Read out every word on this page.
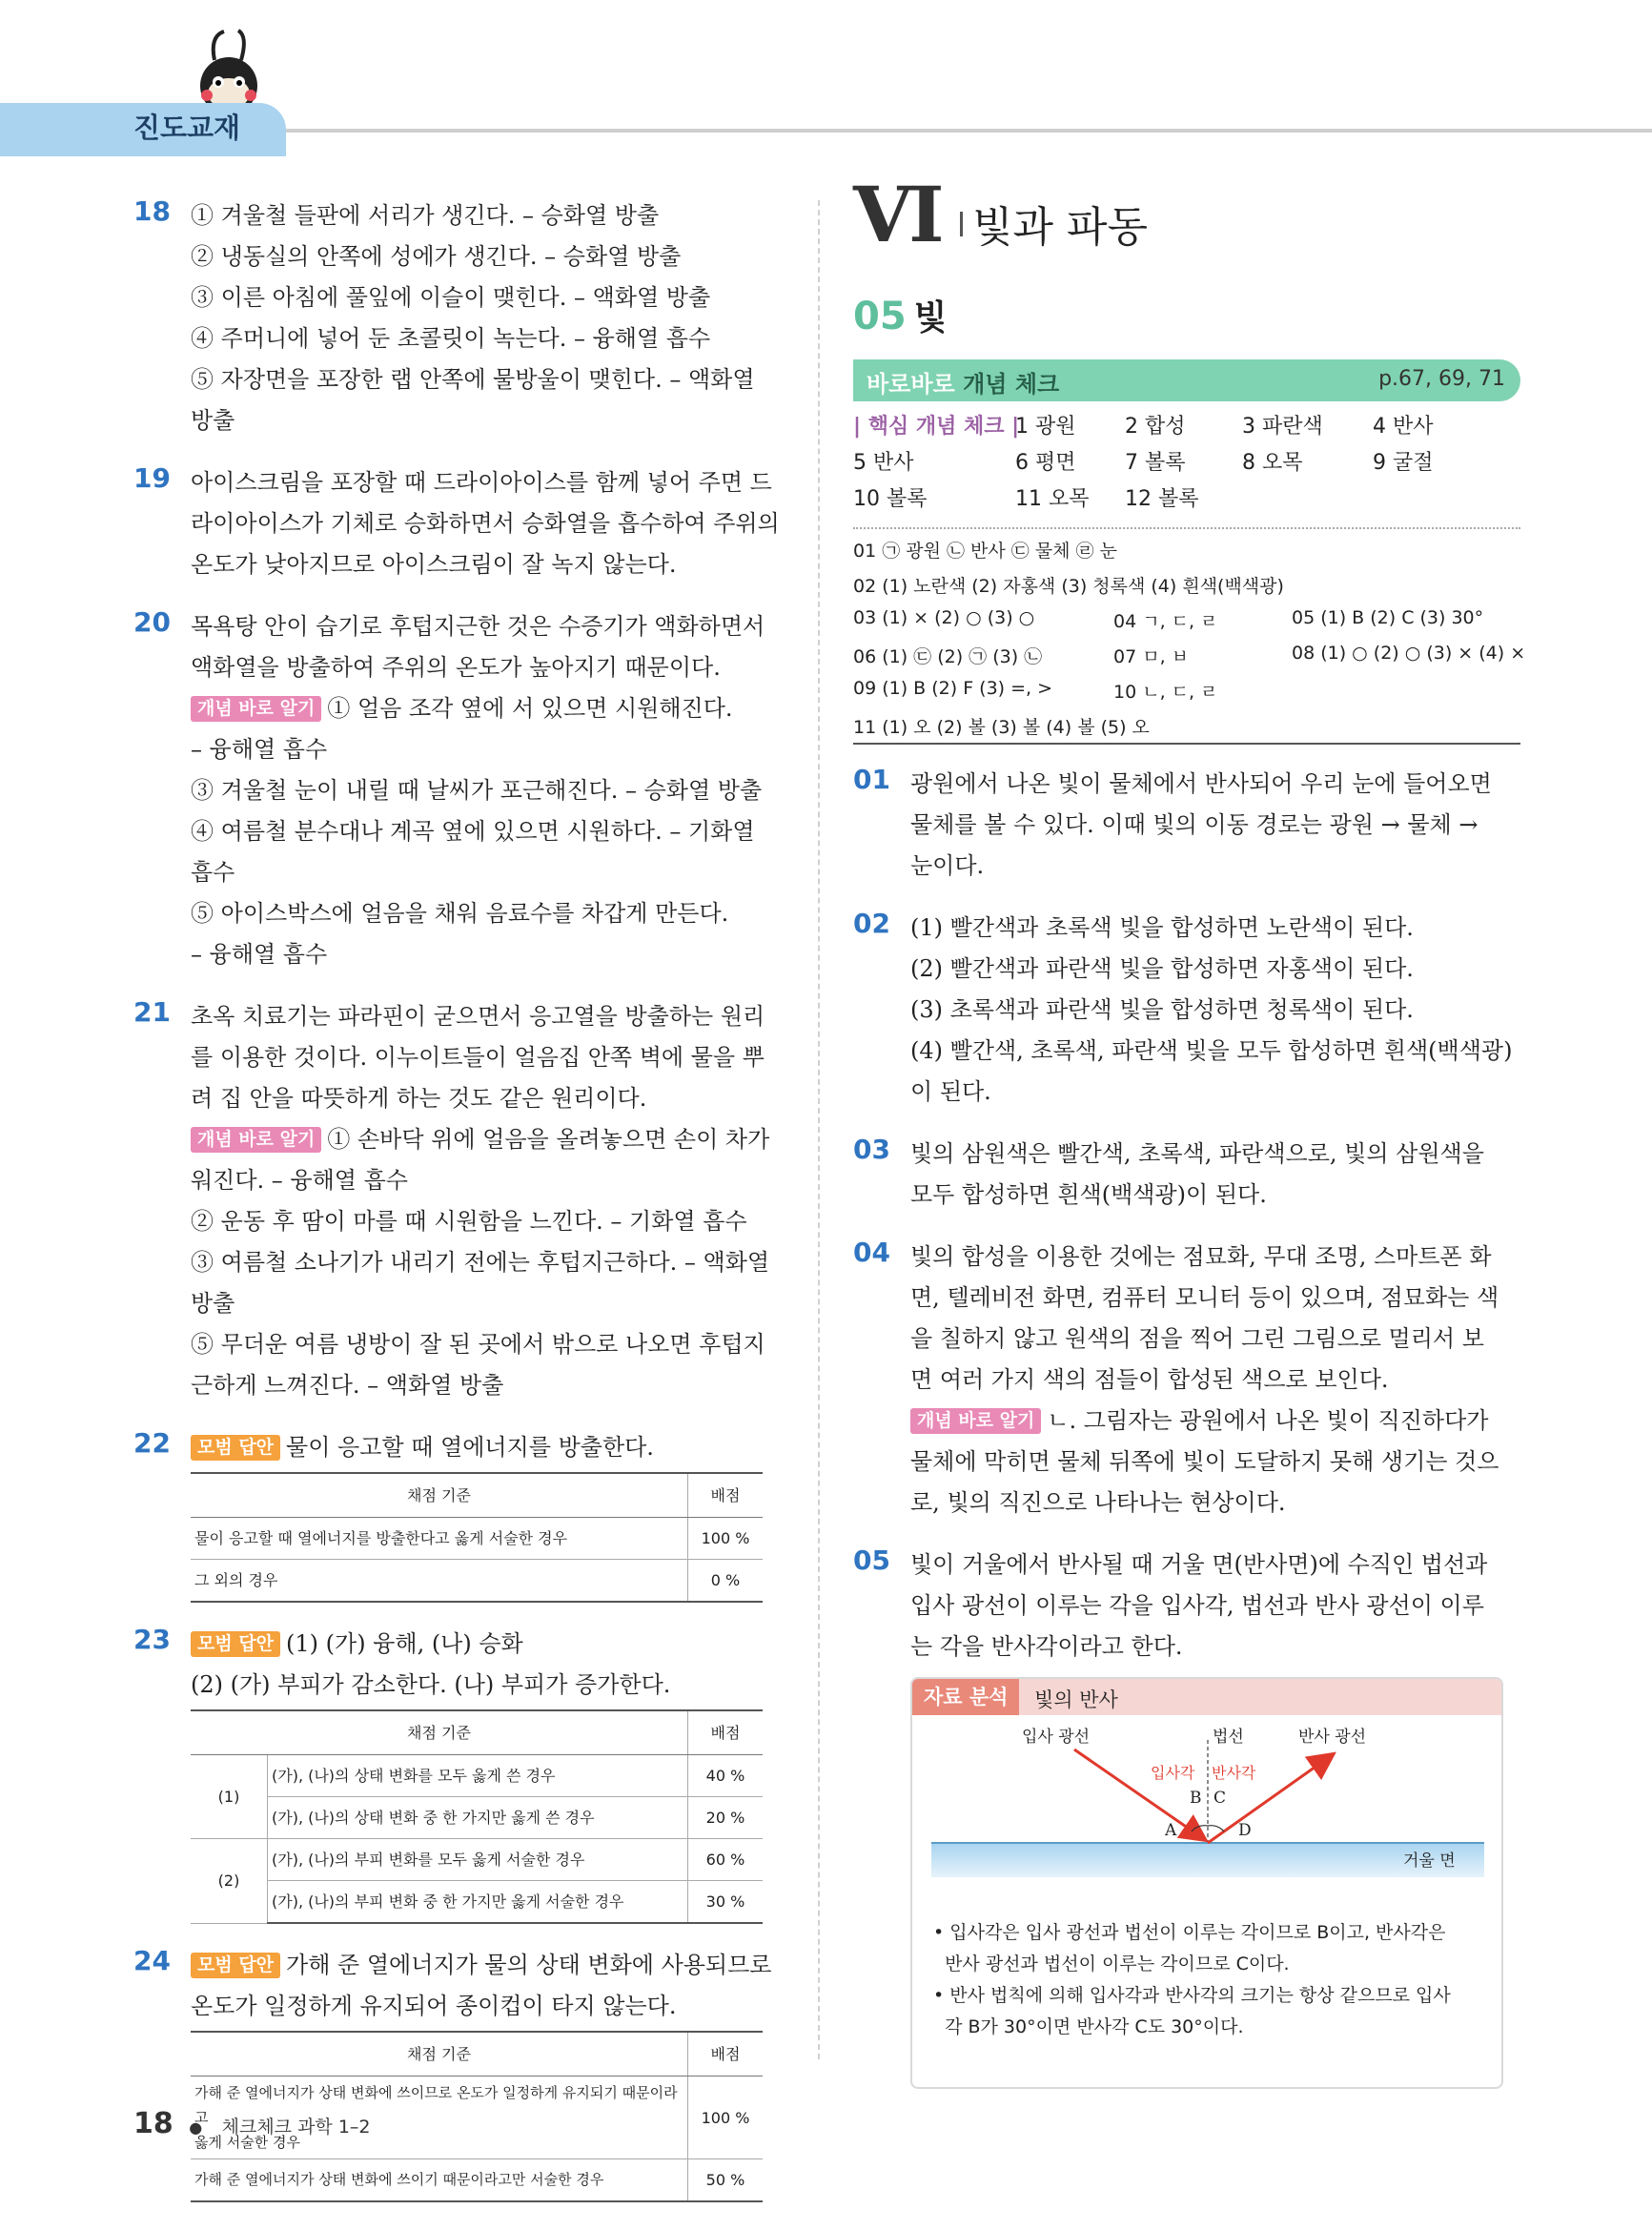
진도교재
18 ① 겨울철 들판에 서리가 생긴다. – 승화열 방출
② 냉동실의 안쪽에 성에가 생긴다. – 승화열 방출
③ 이른 아침에 풀잎에 이슬이 맺힌다. – 액화열 방출
④ 주머니에 넣어 둔 초콜릿이 녹는다. – 융해열 흡수
⑤ 자장면을 포장한 랩 안쪽에 물방울이 맺힌다. – 액화열
방출
19 아이스크림을 포장할 때 드라이아이스를 함께 넣어 주면 드
라이아이스가 기체로 승화하면서 승화열을 흡수하여 주위의
온도가 낮아지므로 아이스크림이 잘 녹지 않는다.
20 목욕탕 안이 습기로 후텁지근한 것은 수증기가 액화하면서
액화열을 방출하여 주위의 온도가 높아지기 때문이다.
개념 바로 알기 ① 얼음 조각 옆에 서 있으면 시원해진다.
– 융해열 흡수
③ 겨울철 눈이 내릴 때 날씨가 포근해진다. – 승화열 방출
④ 여름철 분수대나 계곡 옆에 있으면 시원하다. – 기화열
흡수
⑤ 아이스박스에 얼음을 채워 음료수를 차갑게 만든다.
– 융해열 흡수
21 초옥 치료기는 파라핀이 굳으면서 응고열을 방출하는 원리
를 이용한 것이다. 이누이트들이 얼음집 안쪽 벽에 물을 뿌
려 집 안을 따뜻하게 하는 것도 같은 원리이다.
개념 바로 알기 ① 손바닥 위에 얼음을 올려놓으면 손이 차가
워진다. – 융해열 흡수
② 운동 후 땀이 마를 때 시원함을 느낀다. – 기화열 흡수
③ 여름철 소나기가 내리기 전에는 후텁지근하다. – 액화열
방출
⑤ 무더운 여름 냉방이 잘 된 곳에서 밖으로 나오면 후텁지
근하게 느껴진다. – 액화열 방출
22	모범 답안 물이 응고할 때 열에너지를 방출한다.
채점 기준	배점
물이 응고할 때 열에너지를 방출한다고 옳게 서술한 경우	100 %
그 외의 경우	0 %
23	모범 답안 (1) (가) 융해, (나) 승화
(2) (가) 부피가 감소한다. (나) 부피가 증가한다.
채점 기준		배점
(1)	(가), (나)의 상태 변화를 모두 옳게 쓴 경우	40 %
	(가), (나)의 상태 변화 중 한 가지만 옳게 쓴 경우	20 %
(2)	(가), (나)의 부피 변화를 모두 옳게 서술한 경우	60 %
	(가), (나)의 부피 변화 중 한 가지만 옳게 서술한 경우	30 %
24	모범 답안 가해 준 열에너지가 물의 상태 변화에 사용되므로
온도가 일정하게 유지되어 종이컵이 타지 않는다.
채점 기준	배점

가해 준 열에너지가 상태 변화에 쓰이므로 온도가 일정하게 유지되기 때문이라고
옳게 서술한 경우	100 %
가해 준 열에너지가 상태 변화에 쓰이기 때문이라고만 서술한 경우	50 %
VI 빛과 파동
05 빛
바로바로 개념 체크	p.67, 69, 71
| 핵심 개념 체크 |
1 광원 2 합성	3 파란색 4 반사
5 반사	6 평면 7 볼록	8 오목	9 굴절
10 볼록	11 오목 12 볼록
01 ㉠ 광원 ㉡ 반사 ㉢ 물체 ㉣ 눈
02 (1) 노란색 (2) 자홍색 (3) 청록색 (4) 흰색(백색광)
03 (1) × (2) ○ (3) ○	04 ㄱ, ㄷ, ㄹ	05 (1) B (2) C (3) 30°
06 (1) ㉢ (2) ㉠ (3) ㉡	07 ㅁ, ㅂ	08 (1) ○ (2) ○ (3) × (4) ×
09 (1) B (2) F (3) =, >	10 ㄴ, ㄷ, ㄹ
11 (1) 오 (2) 볼 (3) 볼 (4) 볼 (5) 오
01 광원에서 나온 빛이 물체에서 반사되어 우리 눈에 들어오면
물체를 볼 수 있다. 이때 빛의 이동 경로는 광원 → 물체 →
눈이다.
02 (1) 빨간색과 초록색 빛을 합성하면 노란색이 된다.
(2) 빨간색과 파란색 빛을 합성하면 자홍색이 된다.
(3) 초록색과 파란색 빛을 합성하면 청록색이 된다.
(4) 빨간색, 초록색, 파란색 빛을 모두 합성하면 흰색(백색광)
이 된다.
03 빛의 삼원색은 빨간색, 초록색, 파란색으로, 빛의 삼원색을
모두 합성하면 흰색(백색광)이 된다.
04 빛의 합성을 이용한 것에는 점묘화, 무대 조명, 스마트폰 화
면, 텔레비전 화면, 컴퓨터 모니터 등이 있으며, 점묘화는 색
을 칠하지 않고 원색의 점을 찍어 그린 그림으로 멀리서 보
면 여러 가지 색의 점들이 합성된 색으로 보인다.
개념 바로 알기 ㄴ. 그림자는 광원에서 나온 빛이 직진하다가
물체에 막히면 물체 뒤쪽에 빛이 도달하지 못해 생기는 것으
로, 빛의 직진으로 나타나는 현상이다.
05 빛이 거울에서 반사될 때 거울 면(반사면)에 수직인 법선과
입사 광선이 이루는 각을 입사각, 법선과 반사 광선이 이루
는 각을 반사각이라고 한다.
자료 분석	빛의 반사
입사 광선	법선	반사 광선
입사각 반사각
B C
A	D
거울 면
• 입사각은 입사 광선과 법선이 이루는 각이므로 B이고, 반사각은
반사 광선과 법선이 이루는 각이므로 C이다.
• 반사 법칙에 의해 입사각과 반사각의 크기는 항상 같으므로 입사
각 B가 30°이면 반사각 C도 30°이다.
18 ● 체크체크 과학 1–2
